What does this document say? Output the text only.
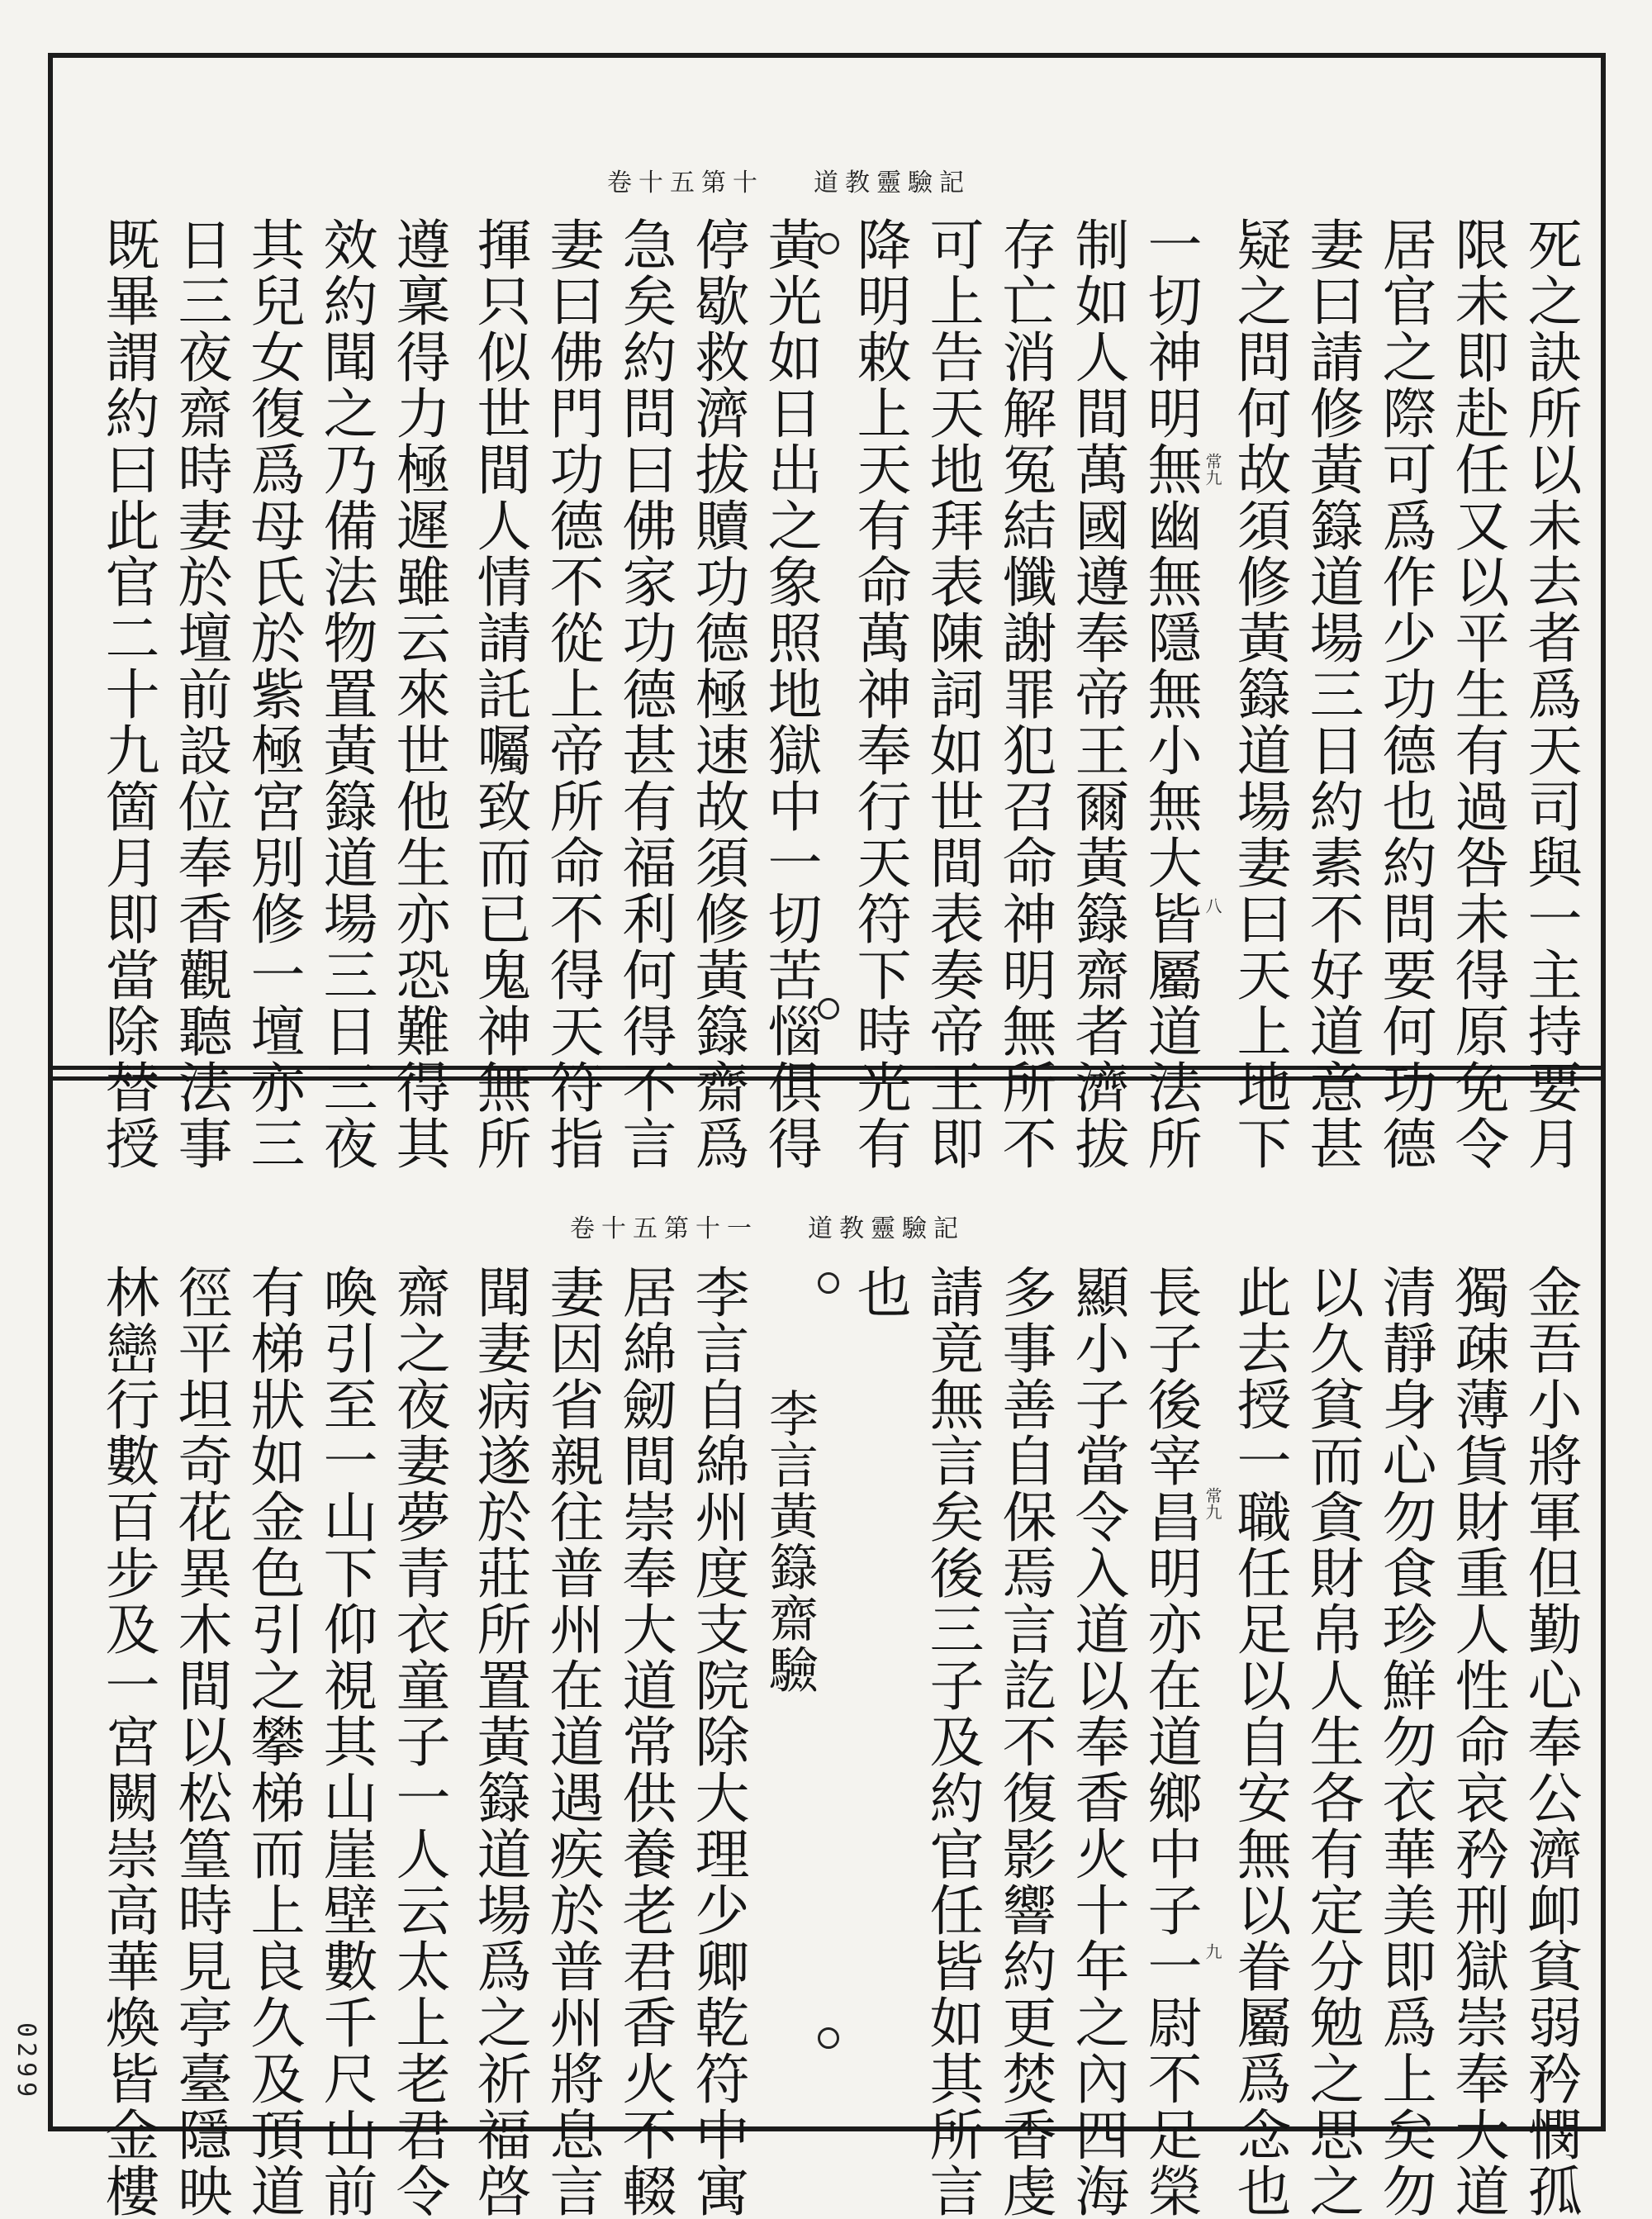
卷十五第十 道教靈驗記
死之訣所以未去者爲天司與一主持要月
限未即赴任又以平生有過咎未得原免令
居官之際可爲作少功德也約問要何功德
妻曰請修黃籙道場三日約素不好道意甚
疑之問何故須修黃籙道場妻曰天上地下
一切神明無幽無隱無小無大皆屬道法所
制如人間萬國遵奉帝王爾黃籙齋者濟拔
存亡消解冤結懺謝罪犯召命神明無所不
可上告天地拜表陳詞如世間表奏帝王即
降明敕上天有命萬神奉行天符下時光有
黃光如日出之象照地獄中一切苦惱俱得
停歇救濟拔贖功德極速故須修黃籙齋爲
急矣約問曰佛家功德甚有福利何得不言
妻曰佛門功德不從上帝所命不得天符指
揮只似世間人情請託囑致而已鬼神無所
遵稟得力極遲雖云來世他生亦恐難得其
效約聞之乃備法物置黃籙道場三日三夜
其兒女復爲母氏於紫極宮別修一壇亦三
日三夜齋時妻於壇前設位奉香觀聽法事
既畢謂約曰此官二十九箇月即當除替授	常九
八
卷十五第十一 道教靈驗記
金吾小將軍但勤心奉公濟卹貧弱矜憫孤
獨疎薄貨財重人性命哀矜刑獄崇奉大道
清靜身心勿食珍鮮勿衣華美即爲上矣勿
以久貧而貪財帛人生各有定分勉之思之
此去授一職任足以自安無以眷屬爲念也
長子後宰昌明亦在道鄉中子一尉不足榮
顯小子當令入道以奉香火十年之內四海
多事善自保焉言訖不復影響約更焚香虔
請竟無言矣後三子及約官任皆如其所言
也
李言黃籙齋驗
李言自綿州度支院除大理少卿乾符中寓
居綿劒間崇奉大道常供養老君香火不輟
妻因省親往普州在道遇疾於普州將息言
聞妻病遂於莊所置黃籙道場爲之祈福啓
齋之夜妻夢青衣童子一人云太上老君令
喚引至一山下仰視其山崖壁數千尺山前
有梯狀如金色引之攀梯而上良久及頂道
徑平坦奇花異木間以松篁時見亭臺隱映
林巒行數百步及一宮闕崇高華煥皆金樓	常九
九
0299
